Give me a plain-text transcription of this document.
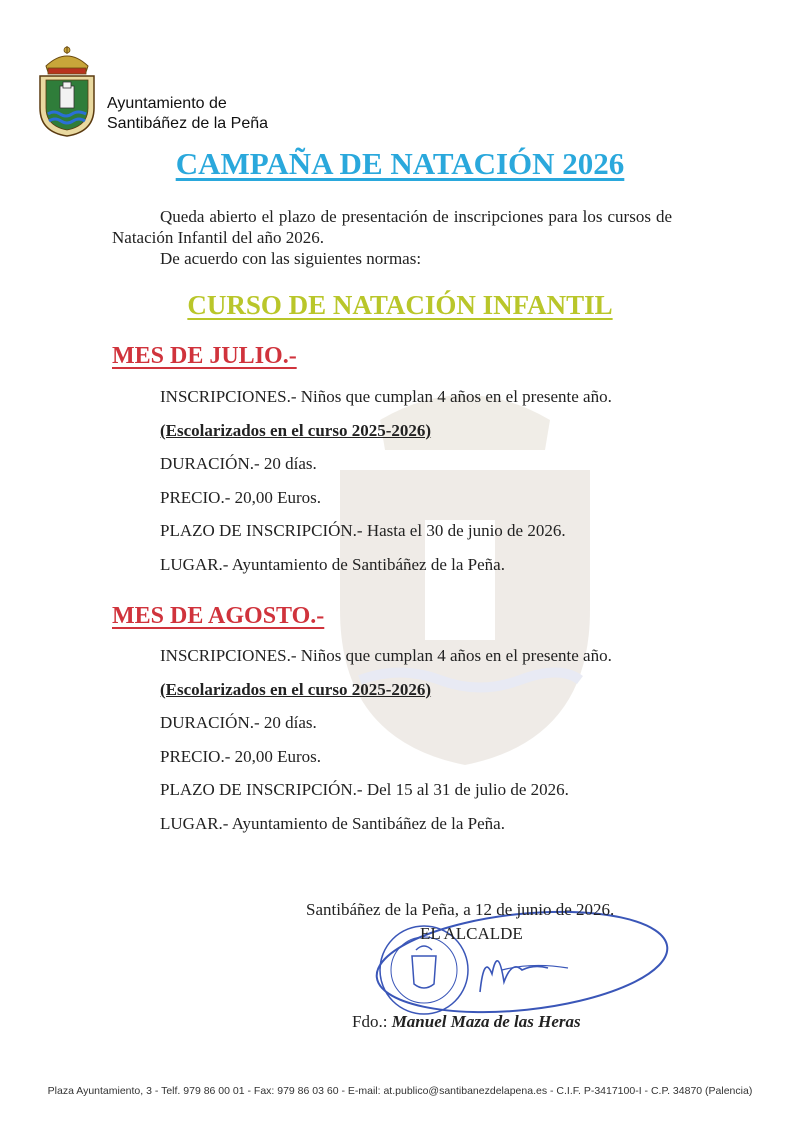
Ayuntamiento de
Santibáñez de la Peña
CAMPAÑA DE NATACIÓN 2026

Queda abierto el plazo de presentación de inscripciones para los cursos de Natación Infantil del año 2026.

De acuerdo con las siguientes normas:

CURSO DE NATACIÓN INFANTIL
MES DE JULIO.-
INSCRIPCIONES.- Niños que cumplan 4 años en el presente año.
(Escolarizados en el curso 2025-2026)
DURACIÓN.- 20 días.
PRECIO.- 20,00 Euros.
PLAZO DE INSCRIPCIÓN.- Hasta el 30 de junio de 2026.
LUGAR.- Ayuntamiento de Santibáñez de la Peña.
MES DE AGOSTO.-
INSCRIPCIONES.- Niños que cumplan 4 años en el presente año.
(Escolarizados en el curso 2025-2026)
DURACIÓN.- 20 días.
PRECIO.- 20,00 Euros.
PLAZO DE INSCRIPCIÓN.- Del 15 al 31 de julio de 2026.
LUGAR.- Ayuntamiento de Santibáñez de la Peña.
Santibáñez de la Peña, a 12 de junio de 2026.
EL ALCALDE
Fdo.: Manuel Maza de las Heras
Plaza Ayuntamiento, 3 - Telf. 979 86 00 01 - Fax: 979 86 03 60 - E-mail: at.publico@santibanezdelapena.es - C.I.F. P-3417100-I - C.P. 34870 (Palencia)
